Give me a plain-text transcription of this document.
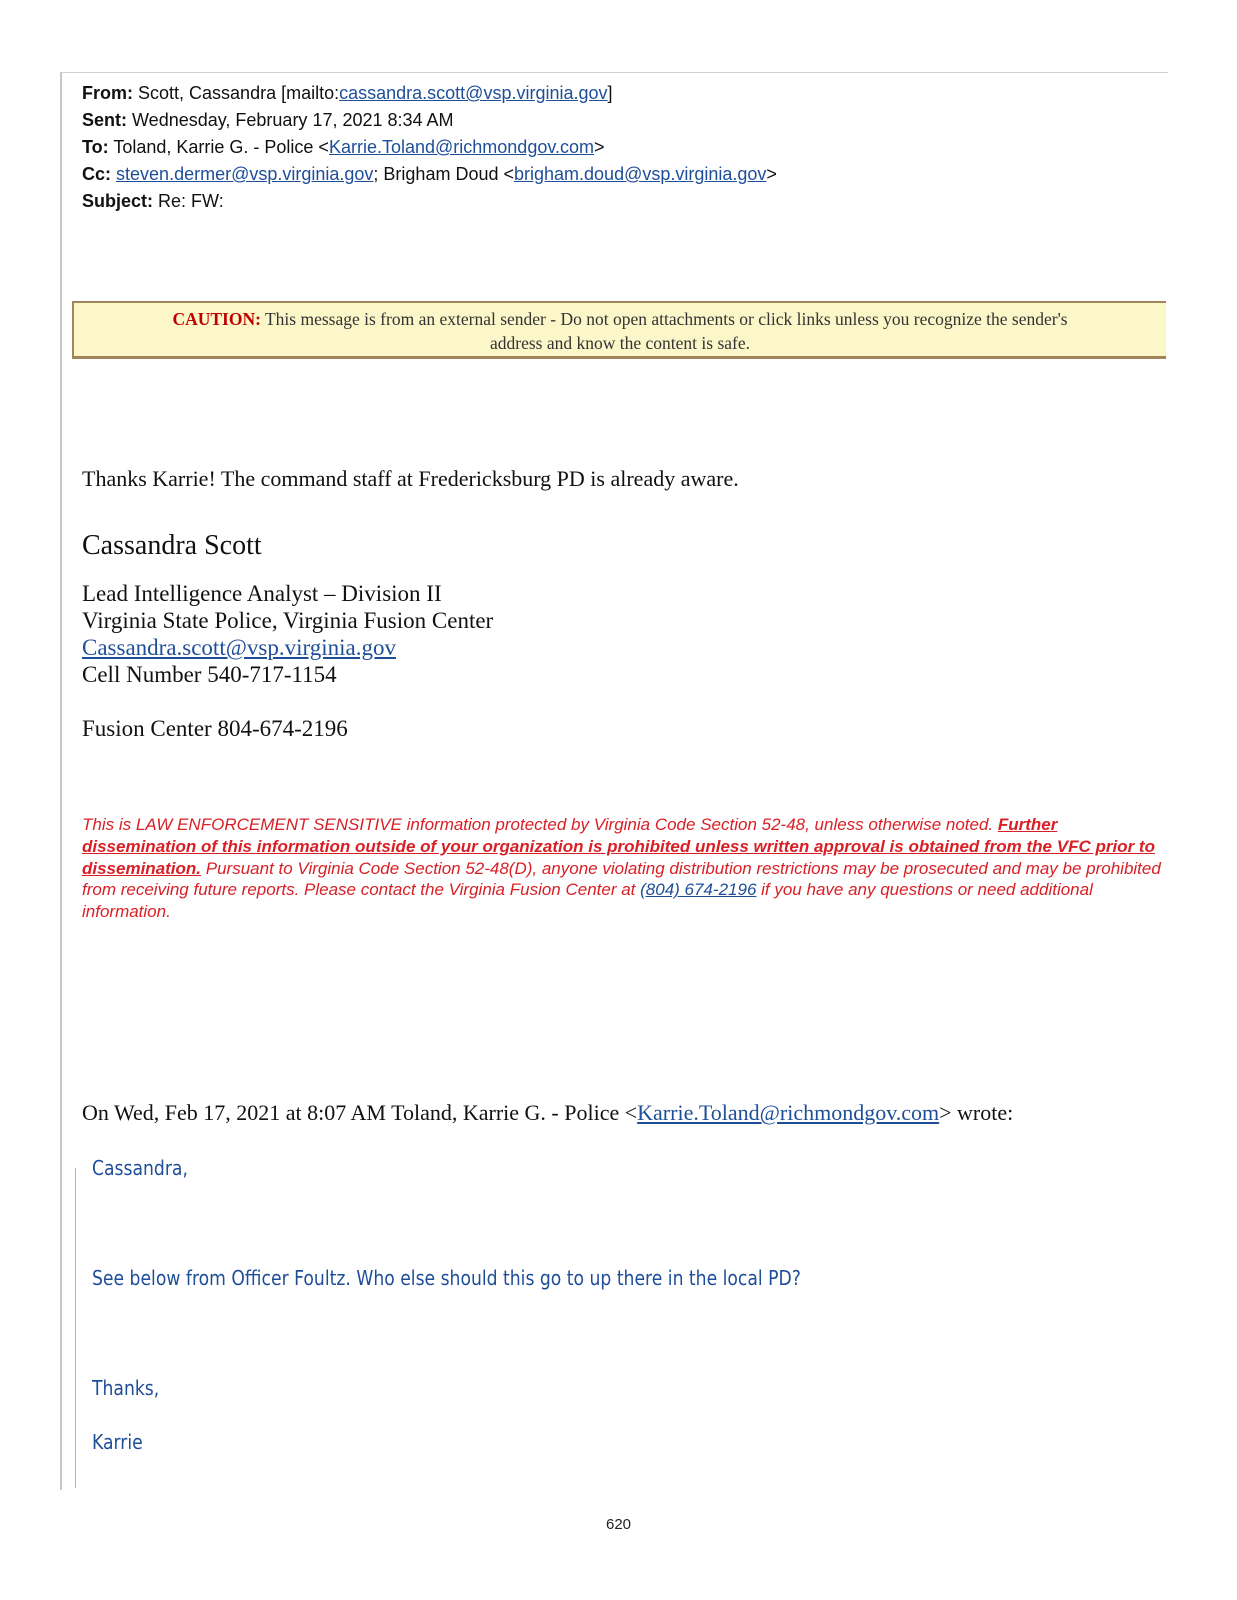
From: Scott, Cassandra [mailto:cassandra.scott@vsp.virginia.gov]
Sent: Wednesday, February 17, 2021 8:34 AM
To: Toland, Karrie G. - Police <Karrie.Toland@richmondgov.com>
Cc: steven.dermer@vsp.virginia.gov; Brigham Doud <brigham.doud@vsp.virginia.gov>
Subject: Re: FW:
CAUTION: This message is from an external sender - Do not open attachments or click links unless you recognize the sender's
address and know the content is safe.
Thanks Karrie! The command staff at Fredericksburg PD is already aware.
Cassandra Scott
Lead Intelligence Analyst – Division II
Virginia State Police, Virginia Fusion Center
Cassandra.scott@vsp.virginia.gov
Cell Number 540-717-1154
Fusion Center 804-674-2196
This is LAW ENFORCEMENT SENSITIVE information protected by Virginia Code Section 52-48, unless otherwise noted. Further dissemination of this information outside of your organization is prohibited unless written approval is obtained from the VFC prior to dissemination. Pursuant to Virginia Code Section 52-48(D), anyone violating distribution restrictions may be prosecuted and may be prohibited from receiving future reports. Please contact the Virginia Fusion Center at (804) 674-2196 if you have any questions or need additional information.
On Wed, Feb 17, 2021 at 8:07 AM Toland, Karrie G. - Police <Karrie.Toland@richmondgov.com> wrote:
Cassandra,
See below from Officer Foultz. Who else should this go to up there in the local PD?
Thanks,
Karrie
620
